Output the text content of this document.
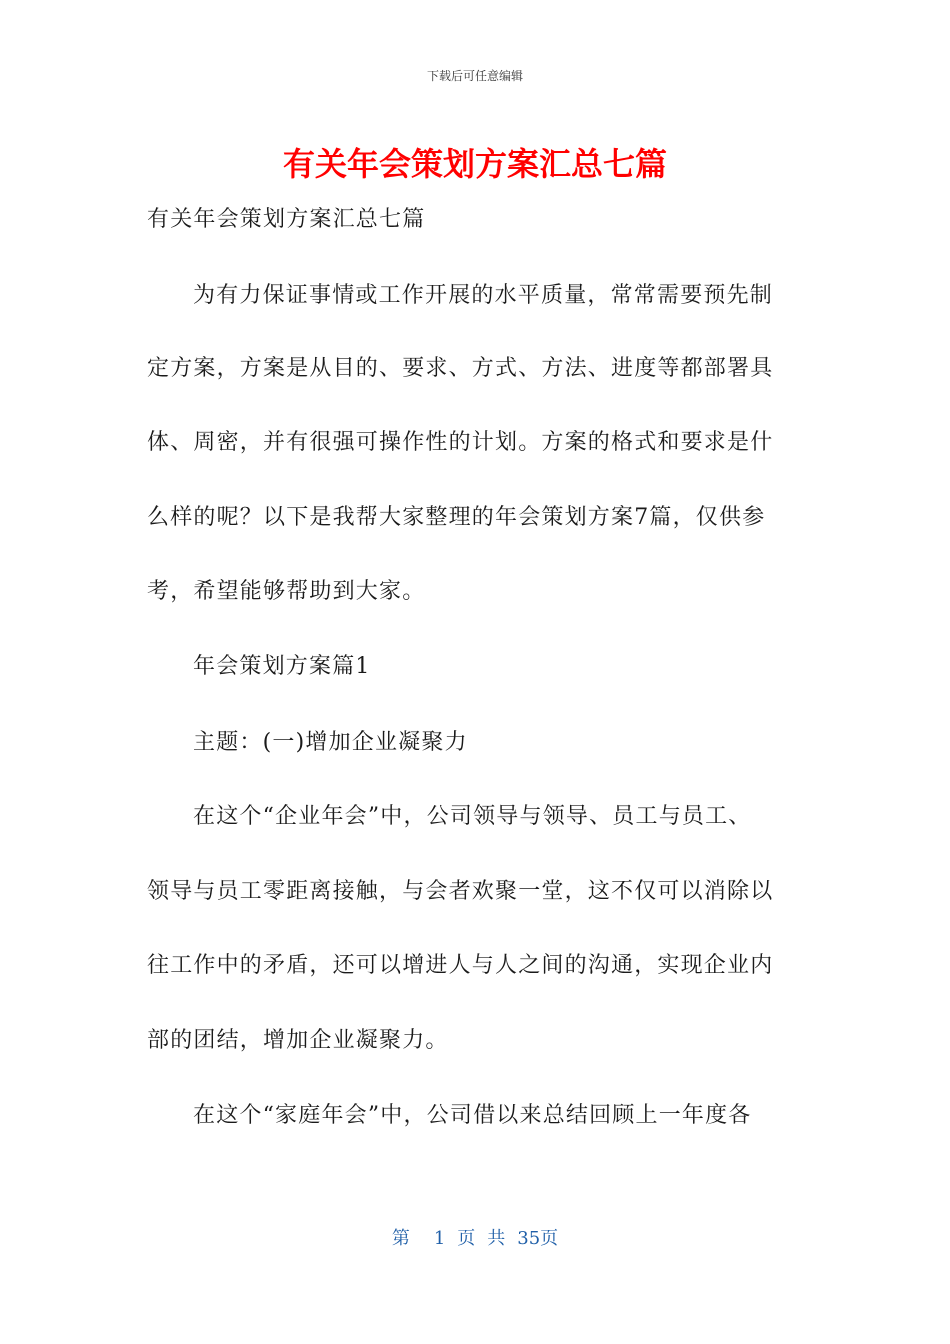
下载后可任意编辑
有关年会策划方案汇总七篇

有关年会策划方案汇总七篇

为有力保证事情或工作开展的水平质量，常常需要预先制

定方案，方案是从目的、要求、方式、方法、进度等都部署具

体、周密，并有很强可操作性的计划。方案的格式和要求是什

么样的呢？以下是我帮大家整理的年会策划方案7篇，仅供参

考，希望能够帮助到大家。

年会策划方案篇1

主题：(一)增加企业凝聚力

在这个“企业年会”中，公司领导与领导、员工与员工、

领导与员工零距离接触，与会者欢聚一堂，这不仅可以消除以

往工作中的矛盾，还可以增进人与人之间的沟通，实现企业内

部的团结，增加企业凝聚力。

在这个“家庭年会”中，公司借以来总结回顾上一年度各

第 1 页 共 35页
